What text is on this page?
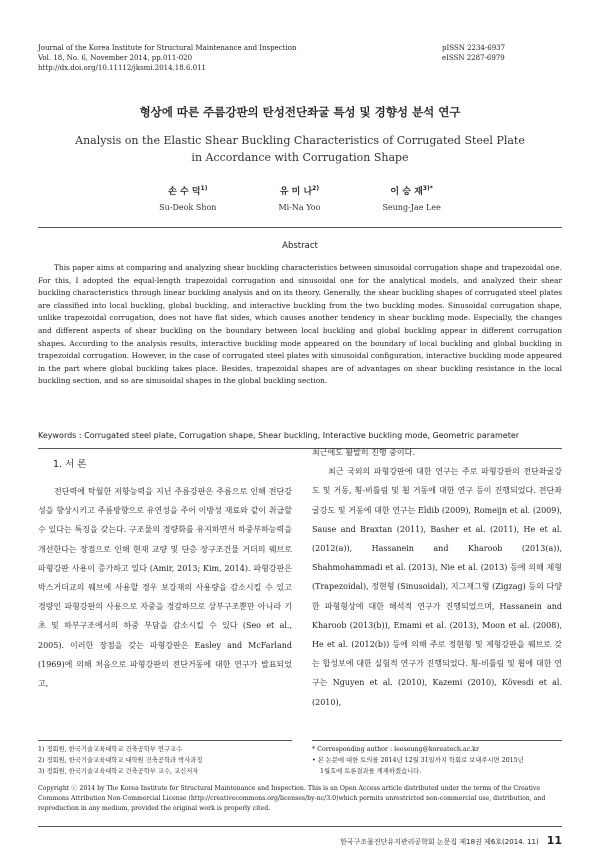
Journal of the Korea Institute for Structural Maintenance and Inspection
Vol. 18, No. 6, November 2014, pp.011-020
http://dx.doi.org/10.11112/jksmi.2014.18.6.011
pISSN 2234-6937
eISSN 2287-6979
형상에 따른 주름강판의 탄성전단좌굴 특성 및 경향성 분석 연구
Analysis on the Elastic Shear Buckling Characteristics of Corrugated Steel Plate
in Accordance with Corrugation Shape
손 수 덕$^{1)}$
Su-Deok Shon
유 미 나$^{2)}$
Mi-Na Yoo
이 승 재$^{3)*}$
Seung-Jae Lee
Abstract
This paper aims at comparing and analyzing shear buckling characteristics between sinusoidal corrugation shape and trapezoidal one. For this, I adopted the equal-length trapezoidal corrugation and sinusoidal one for the analytical models, and analyzed their shear buckling characteristics through linear buckling analysis and on its theory. Generally, the shear buckling shapes of corrugated steel plates are classified into local buckling, global buckling, and interactive buckling from the two buckling modes. Sinusoidal corrugation shape, unlike trapezoidal corrugation, does not have flat sides, which causes another tendency in shear buckling mode. Especially, the changes and different aspects of shear buckling on the boundary between local buckling and global buckling appear in different corrugation shapes. According to the analysis results, interactive buckling mode appeared on the boundary of local buckling and global buckling in trapezoidal corrugation. However, in the case of corrugated steel plates with sinusoidal configuration, interactive buckling mode appeared in the part where global buckling takes place. Besides, trapezoidal shapes are of advantages on shear buckling resistance in the local buckling section, and so are sinusoidal shapes in the global buckling section.
Keywords : Corrugated steel plate, Corrugation shape, Shear buckling, Interactive buckling mode, Geometric parameter
1. 서 론

전단력에 탁월한 저항능력을 지닌 주름강판은 주름으로 인해 전단강성을 향상시키고 주름방향으로 유연성을 주어 이방성 재료와 같이 취급할 수 있다는 특징을 갖는다. 구조물의 경량화를 유지하면서 하중부하능력을 개선한다는 장점으로 인해 현재 교량 및 단층 장구조건물 거더의 웨브로 파형강판 사용이 증가하고 있다 (Amir, 2013; Kim, 2014). 파형강판은 박스거더교의 웨브에 사용할 경우 보강재의 사용량을 감소시킬 수 있고 경량인 파형강판의 사용으로 자중을 경감하므로 상부구조뿐만 아니라 기초 및 하부구조에서의 하중 부담을 감소시킬 수 있다 (Seo et al., 2005). 이러한 장점을 갖는 파형강판은 Easley and McFarland (1969)에 의해 처음으로 파형강판의 전단거동에 대한 연구가 발표되었고,

최근에도 활발히 진행 중이다.

최근 국외의 파형강판에 대한 연구는 주로 파형강판의 전단좌굴강도 및 거동, 횡-비틀림 및 휨 거동에 대한 연구 등이 진행되었다. 전단좌굴강도 및 거동에 대한 연구는 Eldib (2009), Romeijn et al. (2009), Sause and Braxtan (2011), Basher et al. (2011), He et al. (2012(a)), Hassanein and Kharoob (2013(a)), Shahmohammadi et al. (2013), Nie et al. (2013) 등에 의해 제형 (Trapezoidal), 정현형 (Sinusoidal), 지그재그형 (Zigzag) 등의 다양한 파형형상에 대한 해석적 연구가 진행되었으며, Hassanein and Kharoob (2013(b)), Emami et al. (2013), Moon et al. (2008), He et al. (2012(b)) 등에 의해 주로 정현형 및 제형강판을 웨브로 갖는 합성보에 대한 실험적 연구가 진행되었다. 횡-비틀림 및 휨에 대한 연구는 Nguyen et al. (2010), Kazemi (2010), Kövesdi et al. (2010),

1) 정회원, 한국기술교육대학교 건축공학부 연구교수
2) 정회원, 한국기술교육대학교 대학원 건축공학과 박사과정
3) 정회원, 한국기술교육대학교 건축공학부 교수, 교신저자
* Corresponding author : leeseung@koreatech.ac.kr
• 본 논문에 대한 토의를 2014년 12월 31일까지 학회로 보내주시면 2015년
1월호에 토론결과를 게재하겠습니다.
Copyright ⓒ 2014 by The Korea Institute for Structural Maintenance and Inspection. This is an Open Access article distributed under the terms of the Creative Commons Attribution Non-Commercial License (http://creativecommons.org/licenses/by-nc/3.0)which permits unrestricted non-commercial use, distribution, and reproduction in any medium, provided the original work is properly cited.
한국구조물진단유지관리공학회 논문집 제18권 제6호(2014. 11) 11
